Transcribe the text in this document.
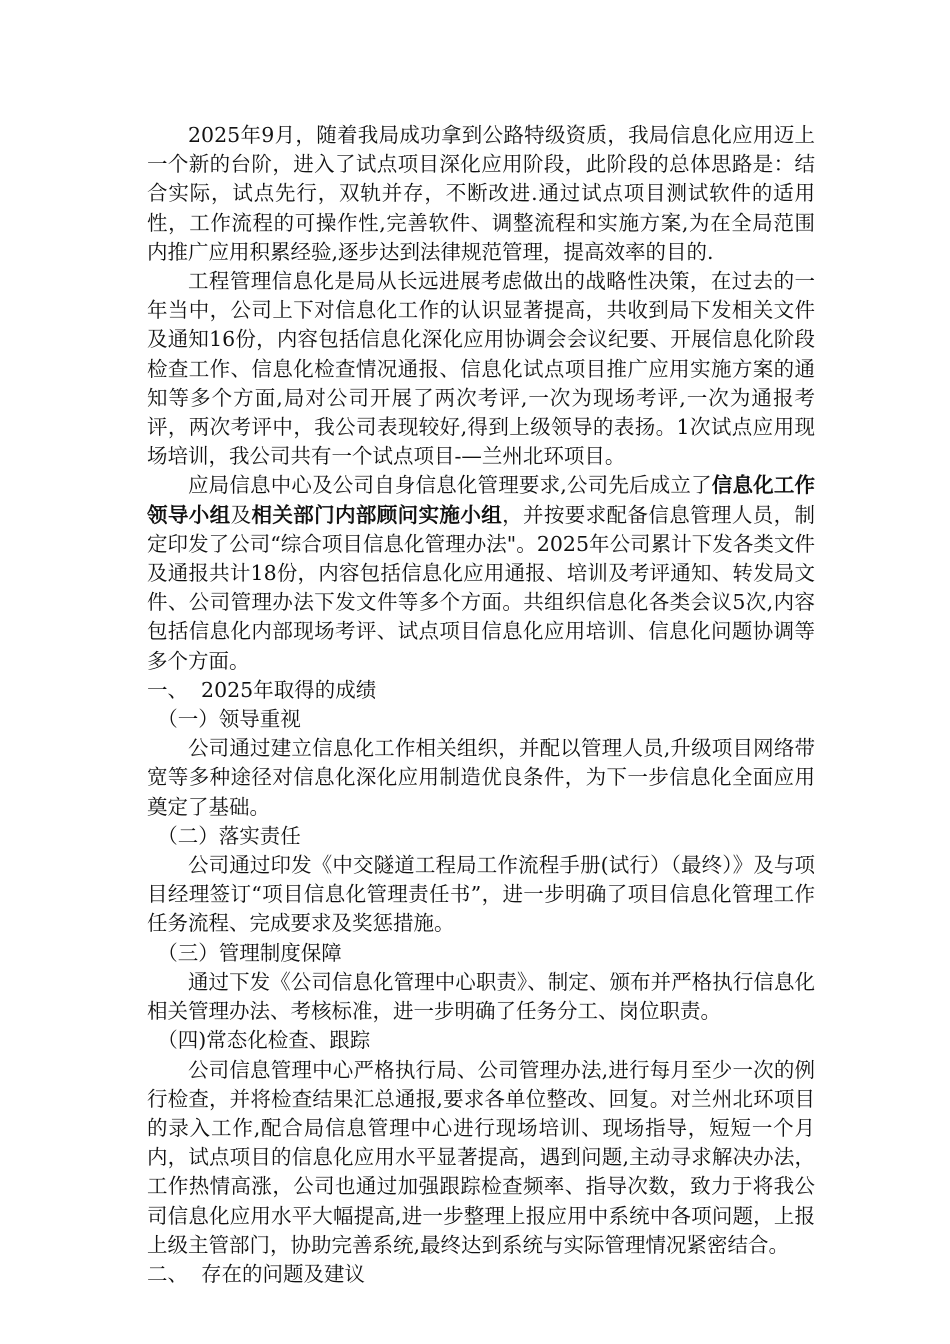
2025年9月，随着我局成功拿到公路特级资质，我局信息化应用迈上一个新的台阶，进入了试点项目深化应用阶段，此阶段的总体思路是：结合实际，试点先行，双轨并存，不断改进.通过试点项目测试软件的适用性，工作流程的可操作性,完善软件、调整流程和实施方案,为在全局范围内推广应用积累经验,逐步达到法律规范管理，提高效率的目的.

工程管理信息化是局从长远进展考虑做出的战略性决策，在过去的一年当中，公司上下对信息化工作的认识显著提高，共收到局下发相关文件及通知16份，内容包括信息化深化应用协调会会议纪要、开展信息化阶段检查工作、信息化检查情况通报、信息化试点项目推广应用实施方案的通知等多个方面,局对公司开展了两次考评,一次为现场考评,一次为通报考评，两次考评中，我公司表现较好,得到上级领导的表扬。1次试点应用现场培训，我公司共有一个试点项目-—兰州北环项目。

应局信息中心及公司自身信息化管理要求,公司先后成立了信息化工作领导小组及相关部门内部顾问实施小组，并按要求配备信息管理人员，制定印发了公司“综合项目信息化管理办法"。2025年公司累计下发各类文件及通报共计18份，内容包括信息化应用通报、培训及考评通知、转发局文件、公司管理办法下发文件等多个方面。共组织信息化各类会议5次,内容包括信息化内部现场考评、试点项目信息化应用培训、信息化问题协调等多个方面。

一、  2025年取得的成绩

（一）领导重视

公司通过建立信息化工作相关组织，并配以管理人员,升级项目网络带宽等多种途径对信息化深化应用制造优良条件，为下一步信息化全面应用奠定了基础。

（二）落实责任

公司通过印发《中交隧道工程局工作流程手册(试行）（最终）》及与项目经理签订“项目信息化管理责任书”，进一步明确了项目信息化管理工作任务流程、完成要求及奖惩措施。

（三）管理制度保障

通过下发《公司信息化管理中心职责》、制定、颁布并严格执行信息化相关管理办法、考核标准，进一步明确了任务分工、岗位职责。

（四)常态化检查、跟踪

公司信息管理中心严格执行局、公司管理办法,进行每月至少一次的例行检查，并将检查结果汇总通报,要求各单位整改、回复。对兰州北环项目的录入工作,配合局信息管理中心进行现场培训、现场指导，短短一个月内，试点项目的信息化应用水平显著提高，遇到问题,主动寻求解决办法，工作热情高涨，公司也通过加强跟踪检查频率、指导次数，致力于将我公司信息化应用水平大幅提高,进一步整理上报应用中系统中各项问题，上报上级主管部门，协助完善系统,最终达到系统与实际管理情况紧密结合。

二、  存在的问题及建议
